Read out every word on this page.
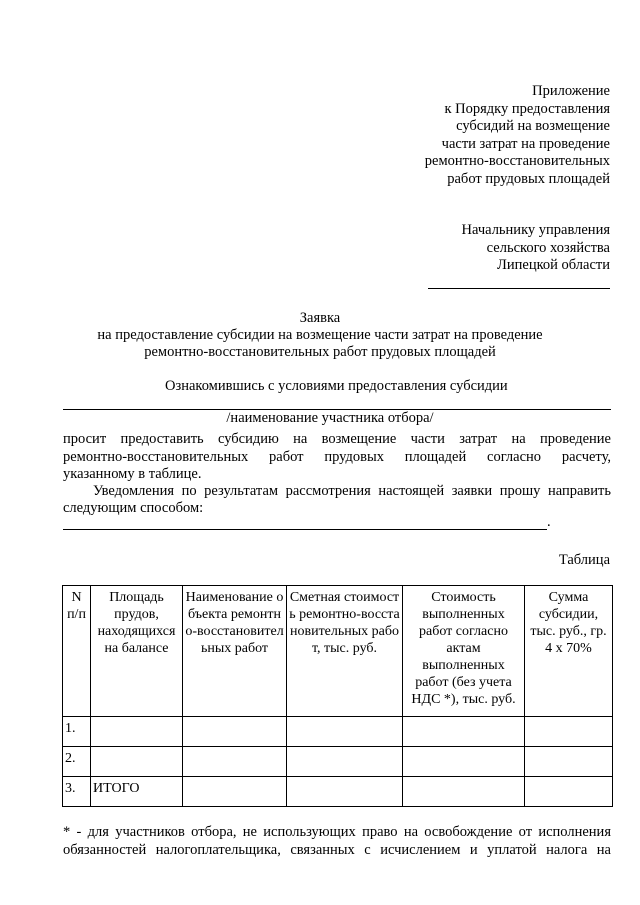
Приложение
к Порядку предоставления
субсидий на возмещение
части затрат на проведение
ремонтно-восстановительных
работ прудовых площадей
Начальнику управления
сельского хозяйства
Липецкой области
Заявка
на предоставление субсидии на возмещение части затрат на проведение
ремонтно-восстановительных работ прудовых площадей
Ознакомившись с условиями предоставления субсидии
/наименование участника отбора/
просит предоставить субсидию на возмещение части затрат на проведение
ремонтно-восстановительных работ прудовых площадей согласно расчету,
указанному в таблице.
Уведомления по результатам рассмотрения настоящей заявки прошу направить
следующим способом:
.
Таблица
N п/п	Площадь прудов, находящихся на балансе	Наименование объекта ремонтно-восстановительных работ	Сметная стоимость ремонтно-восстановительных работ, тыс. руб.	Стоимость выполненных работ согласно актам выполненных работ (без учета НДС *), тыс. руб.	Сумма субсидии, тыс. руб., гр. 4 x 70%
1.					
2.					
3.	ИТОГО				
* - для участников отбора, не использующих право на освобождение от исполнения
обязанностей налогоплательщика, связанных с исчислением и уплатой налога на
